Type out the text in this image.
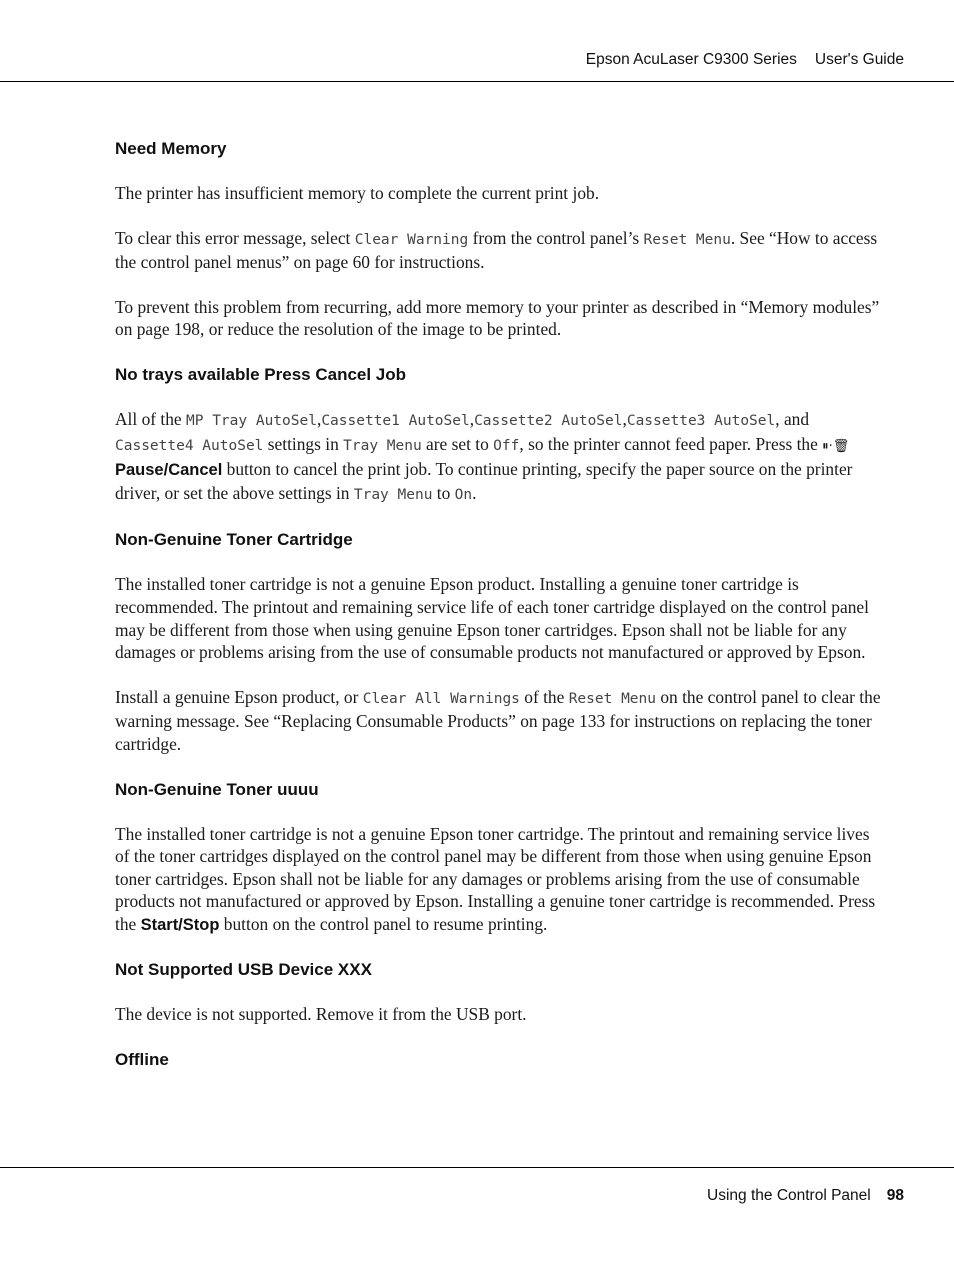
Epson AcuLaser C9300 Series User's Guide
Need Memory

The printer has insufficient memory to complete the current print job.

To clear this error message, select Clear Warning from the control panel’s Reset Menu. See “How to access the control panel menus” on page 60 for instructions.

To prevent this problem from recurring, add more memory to your printer as described in “Memory modules” on page 198, or reduce the resolution of the image to be printed.

No trays available Press Cancel Job

All of the MP Tray AutoSel,Cassette1 AutoSel,Cassette2 AutoSel,Cassette3 AutoSel, and Cassette4 AutoSel settings in Tray Menu are set to Off, so the printer cannot feed paper. Press the ⏸·🗑 Pause/Cancel button to cancel the print job. To continue printing, specify the paper source on the printer driver, or set the above settings in Tray Menu to On.

Non-Genuine Toner Cartridge

The installed toner cartridge is not a genuine Epson product. Installing a genuine toner cartridge is recommended. The printout and remaining service life of each toner cartridge displayed on the control panel may be different from those when using genuine Epson toner cartridges. Epson shall not be liable for any damages or problems arising from the use of consumable products not manufactured or approved by Epson.

Install a genuine Epson product, or Clear All Warnings of the Reset Menu on the control panel to clear the warning message. See “Replacing Consumable Products” on page 133 for instructions on replacing the toner cartridge.

Non-Genuine Toner uuuu

The installed toner cartridge is not a genuine Epson toner cartridge. The printout and remaining service lives of the toner cartridges displayed on the control panel may be different from those when using genuine Epson toner cartridges. Epson shall not be liable for any damages or problems arising from the use of consumable products not manufactured or approved by Epson. Installing a genuine toner cartridge is recommended. Press the Start/Stop button on the control panel to resume printing.

Not Supported USB Device XXX

The device is not supported. Remove it from the USB port.

Offline
Using the Control Panel 98
